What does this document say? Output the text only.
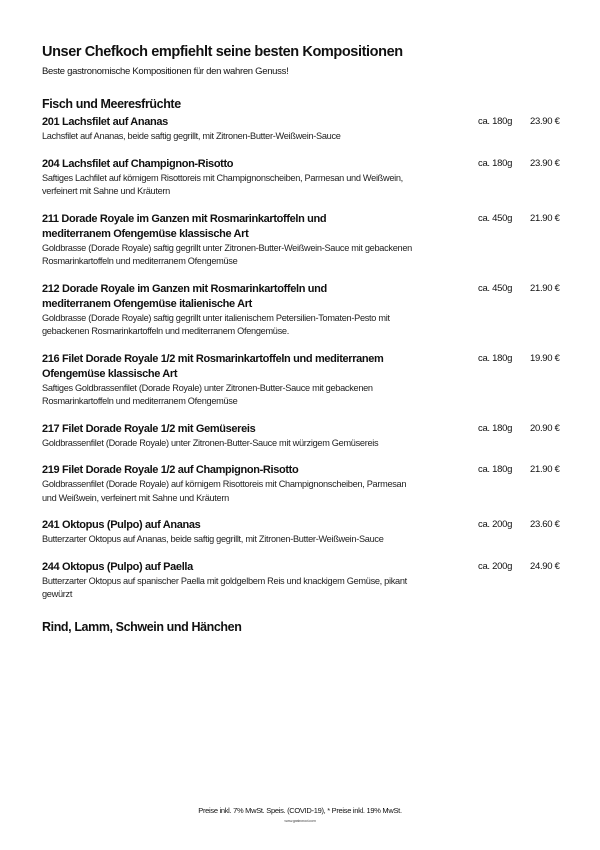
Unser Chefkoch empfiehlt seine besten Kompositionen
Beste gastronomische Kompositionen für den wahren Genuss!
Fisch und Meeresfrüchte
201 Lachsfilet auf Ananas
Lachsfilet auf Ananas, beide saftig gegrillt, mit Zitronen-Butter-Weißwein-Sauce
ca. 180g 23.90 €
204 Lachsfilet auf Champignon-Risotto
Saftiges Lachfilet auf körnigem Risottoreis mit Champignonscheiben, Parmesan und Weißwein, verfeinert mit Sahne und Kräutern
ca. 180g 23.90 €
211 Dorade Royale im Ganzen mit Rosmarinkartoffeln und mediterranem Ofengemüse klassische Art
Goldbrasse (Dorade Royale) saftig gegrillt unter Zitronen-Butter-Weißwein-Sauce mit gebackenen Rosmarinkartoffeln und mediterranem Ofengemüse
ca. 450g 21.90 €
212 Dorade Royale im Ganzen mit Rosmarinkartoffeln und mediterranem Ofengemüse italienische Art
Goldbrasse (Dorade Royale) saftig gegrillt unter italienischem Petersilien-Tomaten-Pesto mit gebackenen Rosmarinkartoffeln und mediterranem Ofengemüse.
ca. 450g 21.90 €
216 Filet Dorade Royale 1/2 mit Rosmarinkartoffeln und mediterranem Ofengemüse klassische Art
Saftiges Goldbrassenfilet (Dorade Royale) unter Zitronen-Butter-Sauce mit gebackenen Rosmarinkartoffeln und mediterranem Ofengemüse
ca. 180g 19.90 €
217 Filet Dorade Royale 1/2 mit Gemüsereis
Goldbrassenfilet (Dorade Royale) unter Zitronen-Butter-Sauce mit würzigem Gemüsereis
ca. 180g 20.90 €
219 Filet Dorade Royale 1/2 auf Champignon-Risotto
Goldbrassenfilet (Dorade Royale) auf körnigem Risottoreis mit Champignonscheiben, Parmesan und Weißwein, verfeinert mit Sahne und Kräutern
ca. 180g 21.90 €
241 Oktopus (Pulpo) auf Ananas
Butterzarter Oktopus auf Ananas, beide saftig gegrillt, mit Zitronen-Butter-Weißwein-Sauce
ca. 200g 23.60 €
244 Oktopus (Pulpo) auf Paella
Butterzarter Oktopus auf spanischer Paella mit goldgelbem Reis und knackigem Gemüse, pikant gewürzt
ca. 200g 24.90 €
Rind, Lamm, Schwein und Hänchen
Preise inkl. 7% MwSt. Speis. (COVID-19), * Preise inkl. 19% MwSt.
www.gastronovi.com
